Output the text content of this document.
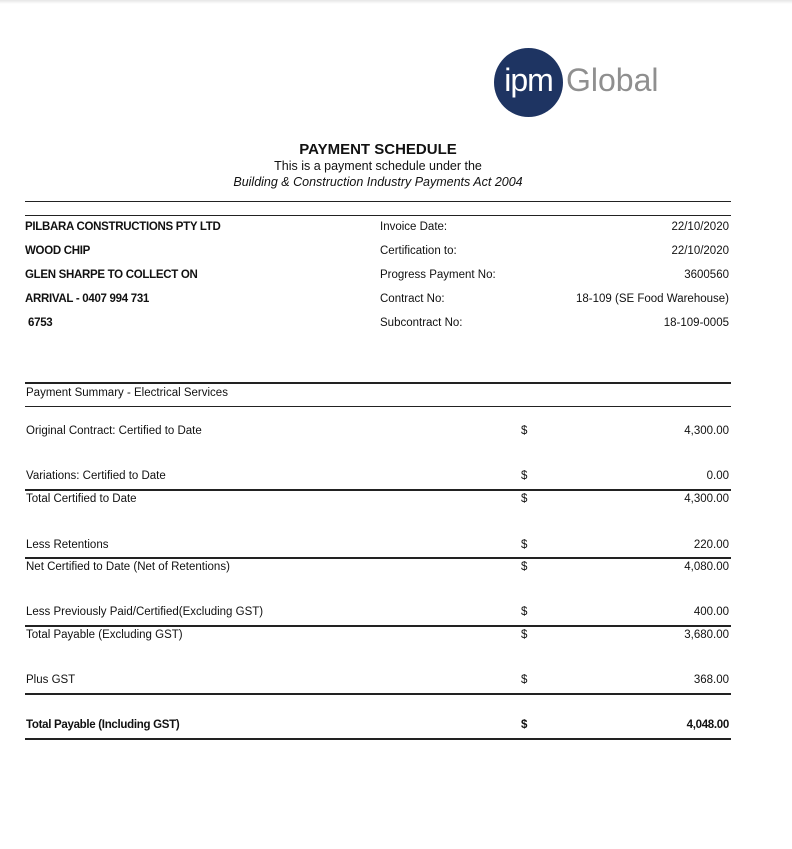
ipm Global
PAYMENT SCHEDULE
This is a payment schedule under the
Building & Construction Industry Payments Act 2004
PILBARA CONSTRUCTIONS PTY LTD
WOOD CHIP
GLEN SHARPE TO COLLECT ON
ARRIVAL - 0407 994 731
6753
Invoice Date:	22/10/2020
Certification to:	22/10/2020
Progress Payment No:	3600560
Contract No:	18-109 (SE Food Warehouse)
Subcontract No:	18-109-0005
Payment Summary - Electrical Services
Original Contract: Certified to Date	$	4,300.00
Variations: Certified to Date	$	0.00
Total Certified to Date	$	4,300.00
Less Retentions	$	220.00
Net Certified to Date (Net of Retentions)	$	4,080.00
Less Previously Paid/Certified(Excluding GST)	$	400.00
Total Payable (Excluding GST)	$	3,680.00
Plus GST	$	368.00
Total Payable (Including GST)	$	4,048.00
